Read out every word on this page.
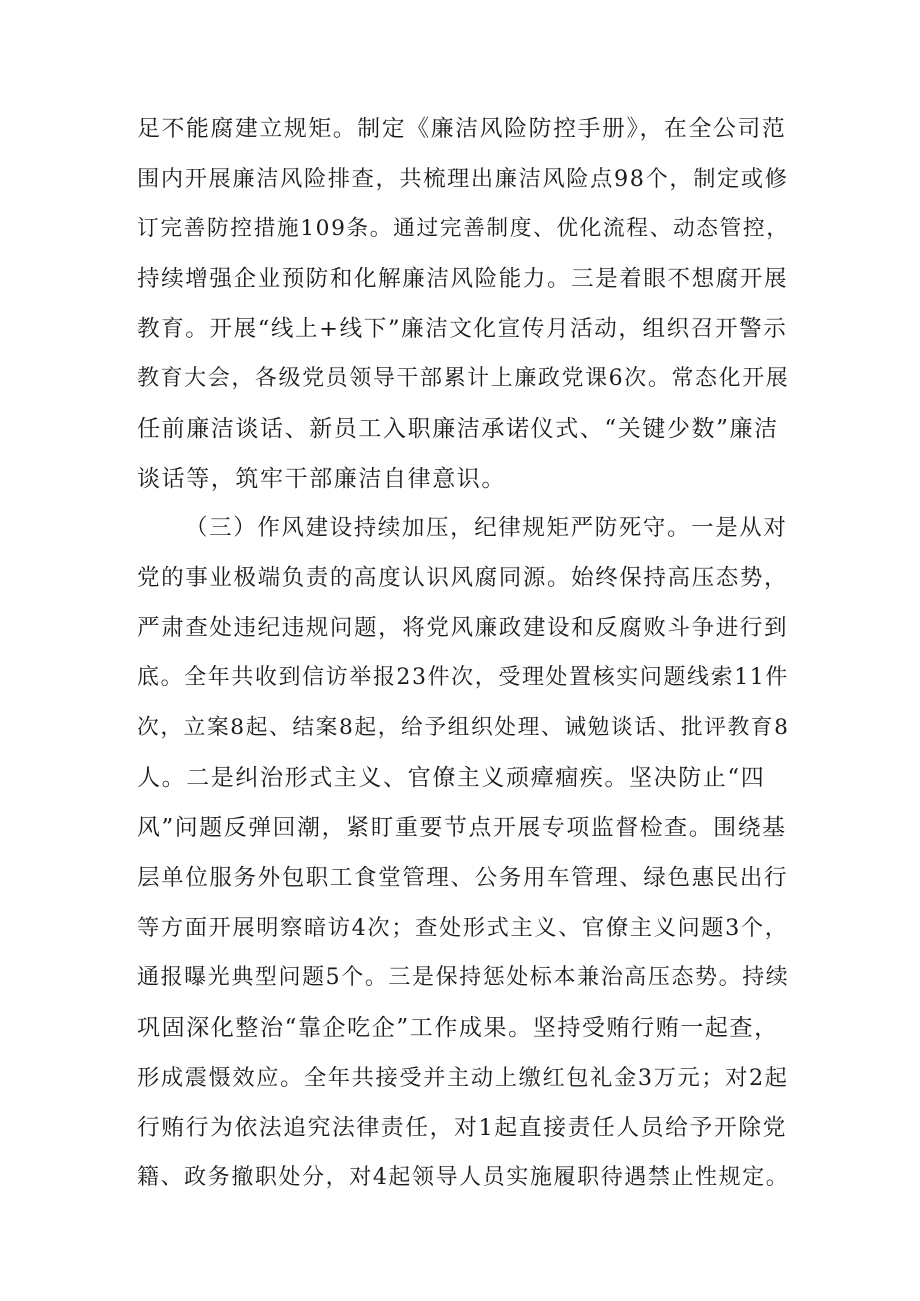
足不能腐建立规矩。制定《廉洁风险防控手册》，在全公司范
围内开展廉洁风险排查，共梳理出廉洁风险点98个，制定或修
订完善防控措施109条。通过完善制度、优化流程、动态管控，
持续增强企业预防和化解廉洁风险能力。三是着眼不想腐开展
教育。开展“线上+线下”廉洁文化宣传月活动，组织召开警示
教育大会，各级党员领导干部累计上廉政党课6次。常态化开展
任前廉洁谈话、新员工入职廉洁承诺仪式、“关键少数”廉洁
谈话等，筑牢干部廉洁自律意识。
（三）作风建设持续加压，纪律规矩严防死守。一是从对
党的事业极端负责的高度认识风腐同源。始终保持高压态势，
严肃查处违纪违规问题，将党风廉政建设和反腐败斗争进行到
底。全年共收到信访举报23件次，受理处置核实问题线索11件
次，立案8起、结案8起，给予组织处理、诫勉谈话、批评教育8
人。二是纠治形式主义、官僚主义顽瘴痼疾。坚决防止“四
风”问题反弹回潮，紧盯重要节点开展专项监督检查。围绕基
层单位服务外包职工食堂管理、公务用车管理、绿色惠民出行
等方面开展明察暗访4次；查处形式主义、官僚主义问题3个，
通报曝光典型问题5个。三是保持惩处标本兼治高压态势。持续
巩固深化整治“靠企吃企”工作成果。坚持受贿行贿一起查，
形成震慑效应。全年共接受并主动上缴红包礼金3万元；对2起
行贿行为依法追究法律责任，对1起直接责任人员给予开除党
籍、政务撤职处分，对4起领导人员实施履职待遇禁止性规定。
